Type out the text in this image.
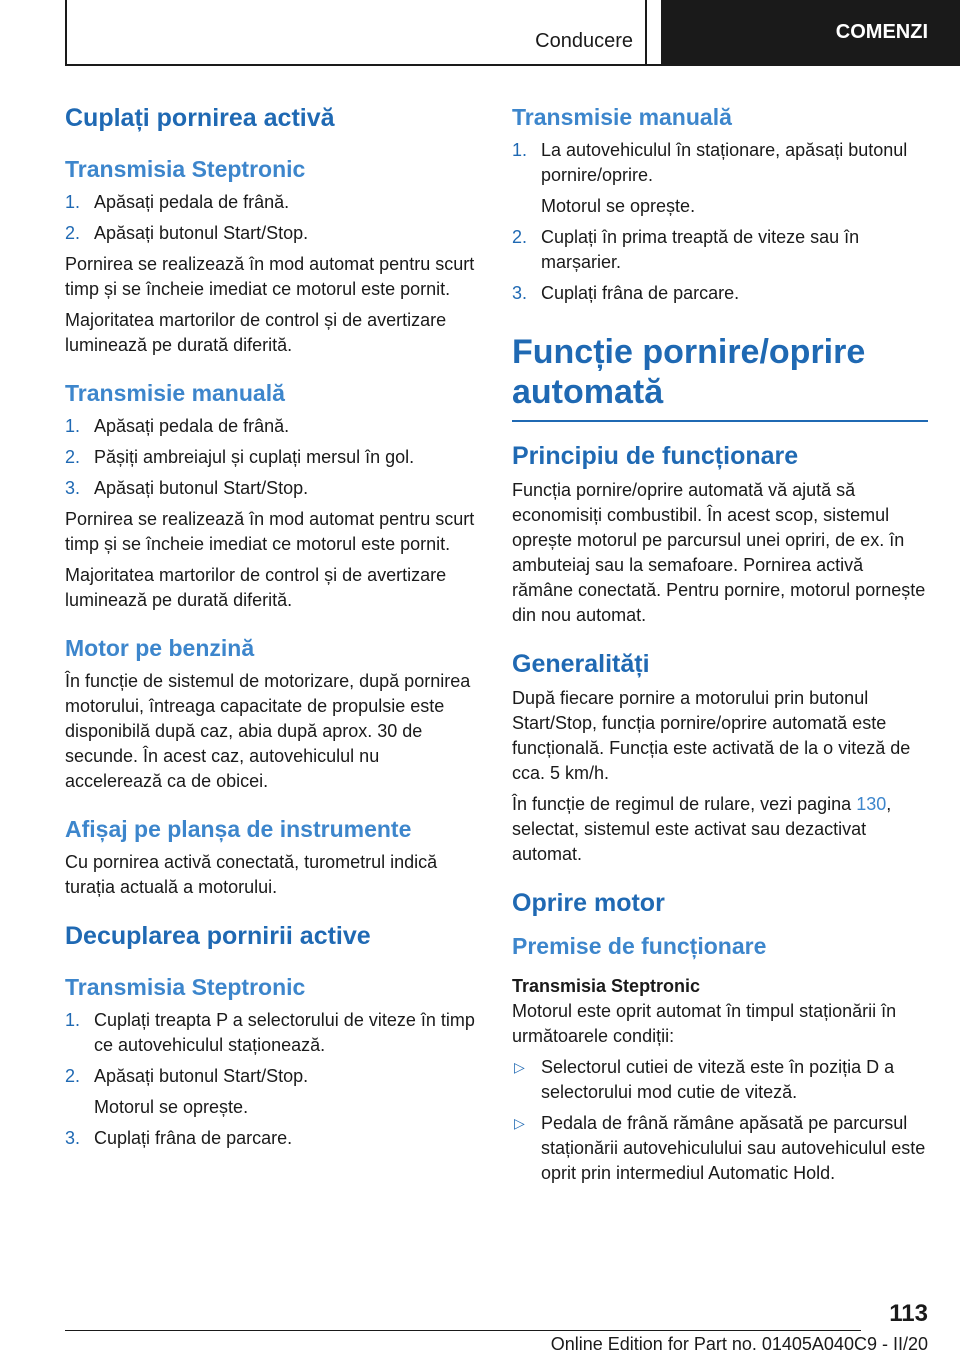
Conducere	COMENZI
Cuplați pornirea activă
Transmisia Steptronic
1. Apăsați pedala de frână.
2. Apăsați butonul Start/Stop.

Pornirea se realizează în mod automat pentru scurt timp și se încheie imediat ce motorul este pornit.

Majoritatea martorilor de control și de avertizare luminează pe durată diferită.

Transmisie manuală
1. Apăsați pedala de frână.
2. Pășiți ambreiajul și cuplați mersul în gol.
3. Apăsați butonul Start/Stop.

Pornirea se realizează în mod automat pentru scurt timp și se încheie imediat ce motorul este pornit.

Majoritatea martorilor de control și de avertizare luminează pe durată diferită.

Motor pe benzină

În funcție de sistemul de motorizare, după pornirea motorului, întreaga capacitate de propulsie este disponibilă după caz, abia după aprox. 30 de secunde. În acest caz, autovehiculul nu accelerează ca de obicei.

Afișaj pe planșa de instrumente

Cu pornirea activă conectată, turometrul indică turația actuală a motorului.

Decuplarea pornirii active
Transmisia Steptronic
1. Cuplați treapta P a selectorului de viteze în timp ce autovehiculul staționează.
2. Apăsați butonul Start/Stop.
Motorul se oprește.
3. Cuplați frâna de parcare.
Transmisie manuală
1. La autovehiculul în staționare, apăsați butonul pornire/oprire.
Motorul se oprește.
2. Cuplați în prima treaptă de viteze sau în marșarier.
3. Cuplați frâna de parcare.
Funcție pornire/oprire automată
Principiu de funcționare

Funcția pornire/oprire automată vă ajută să economisiți combustibil. În acest scop, sistemul oprește motorul pe parcursul unei opriri, de ex. în ambuteiaj sau la semafoare. Pornirea activă rămâne conectată. Pentru pornire, motorul pornește din nou automat.

Generalități

După fiecare pornire a motorului prin butonul Start/Stop, funcția pornire/oprire automată este funcțională. Funcția este activată de la o viteză de cca. 5 km/h.

În funcție de regimul de rulare, vezi pagina 130, selectat, sistemul este activat sau dezactivat automat.

Oprire motor
Premise de funcționare
Transmisia Steptronic

Motorul este oprit automat în timpul staționării în următoarele condiții:

▷ Selectorul cutiei de viteză este în poziția D a selectorului mod cutie de viteză.
▷ Pedala de frână rămâne apăsată pe parcursul staționării autovehiculului sau autovehiculul este oprit prin intermediul Automatic Hold.
113
Online Edition for Part no. 01405A040C9 - II/20
